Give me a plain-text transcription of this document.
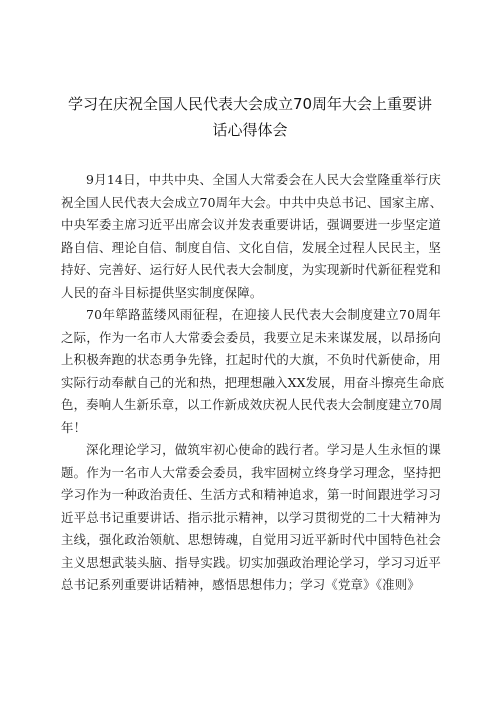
学习在庆祝全国人民代表大会成立70周年大会上重要讲
话心得体会
9月14日，中共中央、全国人大常委会在人民大会堂隆重举行庆
祝全国人民代表大会成立70周年大会。中共中央总书记、国家主席、
中央军委主席习近平出席会议并发表重要讲话，强调要进一步坚定道
路自信、理论自信、制度自信、文化自信，发展全过程人民民主，坚
持好、完善好、运行好人民代表大会制度，为实现新时代新征程党和
人民的奋斗目标提供坚实制度保障。
70年筚路蓝缕风雨征程，在迎接人民代表大会制度建立70周年
之际，作为一名市人大常委会委员，我要立足未来谋发展，以昂扬向
上积极奔跑的状态勇争先锋，扛起时代的大旗，不负时代新使命，用
实际行动奉献自己的光和热，把理想融入XX发展，用奋斗擦亮生命底
色，奏响人生新乐章，以工作新成效庆祝人民代表大会制度建立70周
年！
深化理论学习，做筑牢初心使命的践行者。学习是人生永恒的课
题。作为一名市人大常委会委员，我牢固树立终身学习理念，坚持把
学习作为一种政治责任、生活方式和精神追求，第一时间跟进学习习
近平总书记重要讲话、指示批示精神，以学习贯彻党的二十大精神为
主线，强化政治领航、思想铸魂，自觉用习近平新时代中国特色社会
主义思想武装头脑、指导实践。切实加强政治理论学习，学习习近平
总书记系列重要讲话精神，感悟思想伟力；学习《党章》《准则》
